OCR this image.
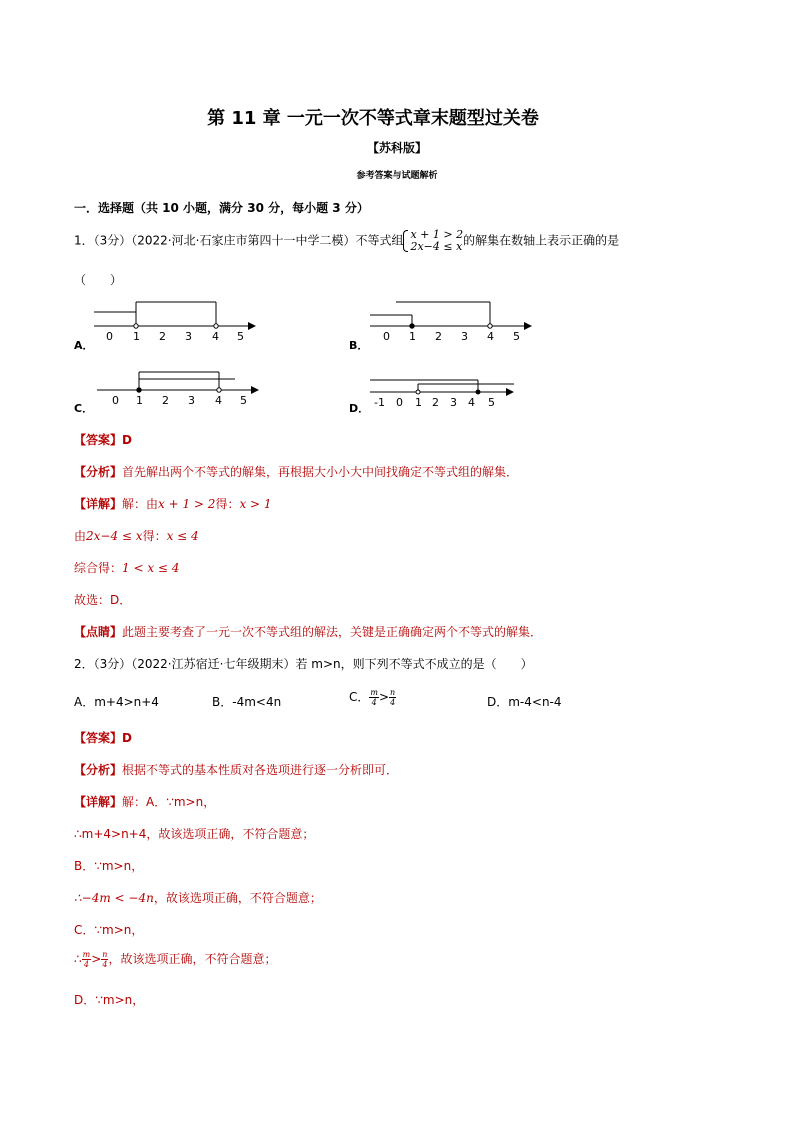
第 11 章 一元一次不等式章末题型过关卷
【苏科版】
参考答案与试题解析
一．选择题（共 10 小题，满分 30 分，每小题 3 分）
1．（3分）（2022·河北·石家庄市第四十一中学二模）不等式组 x + 1 > 2
2x−4 ≤ x 的解集在数轴上表示正确的是
（　　）
A．
0 1 2 3 4 5
B．
0 1 2 3 4 5
C．
0 1 2 3 4 5
D． -1 0 1 2 3 4 5
【答案】D
【分析】首先解出两个不等式的解集，再根据大小小大中间找确定不等式组的解集．
【详解】解：由x + 1 > 2得：x > 1
由2x−4 ≤ x得：x ≤ 4
综合得：1 < x ≤ 4
故选：D．
【点睛】此题主要考查了一元一次不等式组的解法，关键是正确确定两个不等式的解集．
2．（3分）（2022·江苏宿迁·七年级期末）若 m>n，则下列不等式不成立的是（　　）
A．m+4>n+4	B．-4m<4n	C． $\frac{m}{4} > \frac{n}{4}$	D．m-4<n-4
【答案】D
【分析】根据不等式的基本性质对各选项进行逐一分析即可．
【详解】解：A．∵m>n，
∴m+4>n+4，故该选项正确，不符合题意；
B．∵m>n，
∴−4m < −4n，故该选项正确，不符合题意；
C．∵m>n，
∴ $\frac{m}{4} > \frac{n}{4}$ ，故该选项正确，不符合题意；
D．∵m>n，
